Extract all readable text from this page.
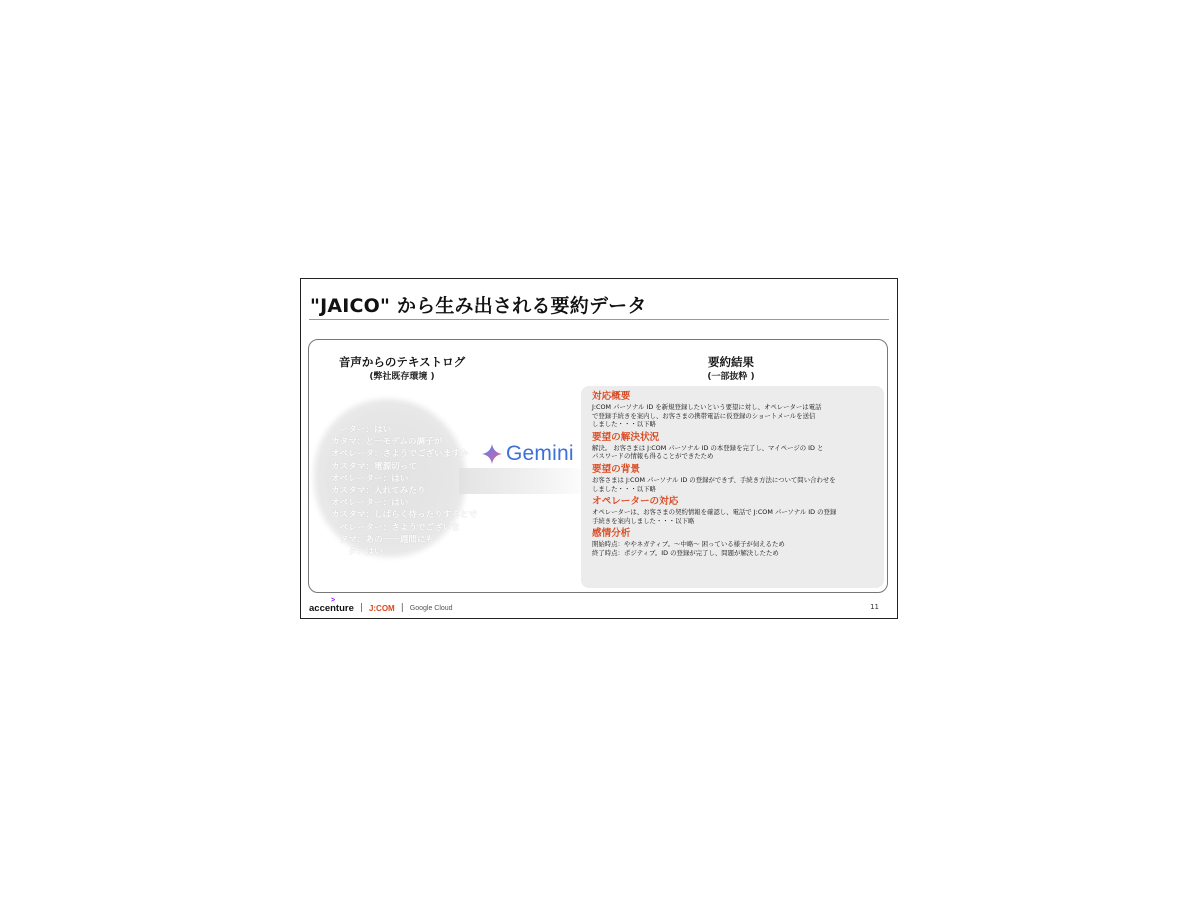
"JAICO" から生み出される要約データ
音声からのテキストログ
(弊社既存環境 )
　ーター：はい
カタマ：と一モデムの調子が
オペレータ：さようでございますか
カスタマ：電源切って
オペレーター：はい
カスタマ：入れてみたり
オペレーター：はい
カスタマ：しばらく待ったりするとで
　ペレーター：さようでございま
　タマ：あの一一週間にも
　　タ：はい
Gemini
要約結果
(一部抜粋 )
対応概要
J:COM パーソナル ID を新規登録したいという要望に対し、オペレーターは電話
で登録手続きを案内し、お客さまの携帯電話に仮登録のショートメールを送信
しました・・・以下略
要望の解決状況
解決。 お客さまは J:COM パーソナル ID の本登録を完了し、マイページの ID と
パスワードの情報も得ることができたため
要望の背景
お客さまは J:COM パーソナル ID の登録ができず、手続き方法について問い合わせを
しました・・・以下略
オペレーターの対応
オペレーターは、お客さまの契約情報を確認し、電話で J:COM パーソナル ID の登録
手続きを案内しました・・・以下略
感情分析
開始時点：ややネガティブ。〜中略〜 困っている様子が伺えるため
終了時点：ポジティブ。ID の登録が完了し、問題が解決したため
accenture
>
| J:COM | Google Cloud	11
